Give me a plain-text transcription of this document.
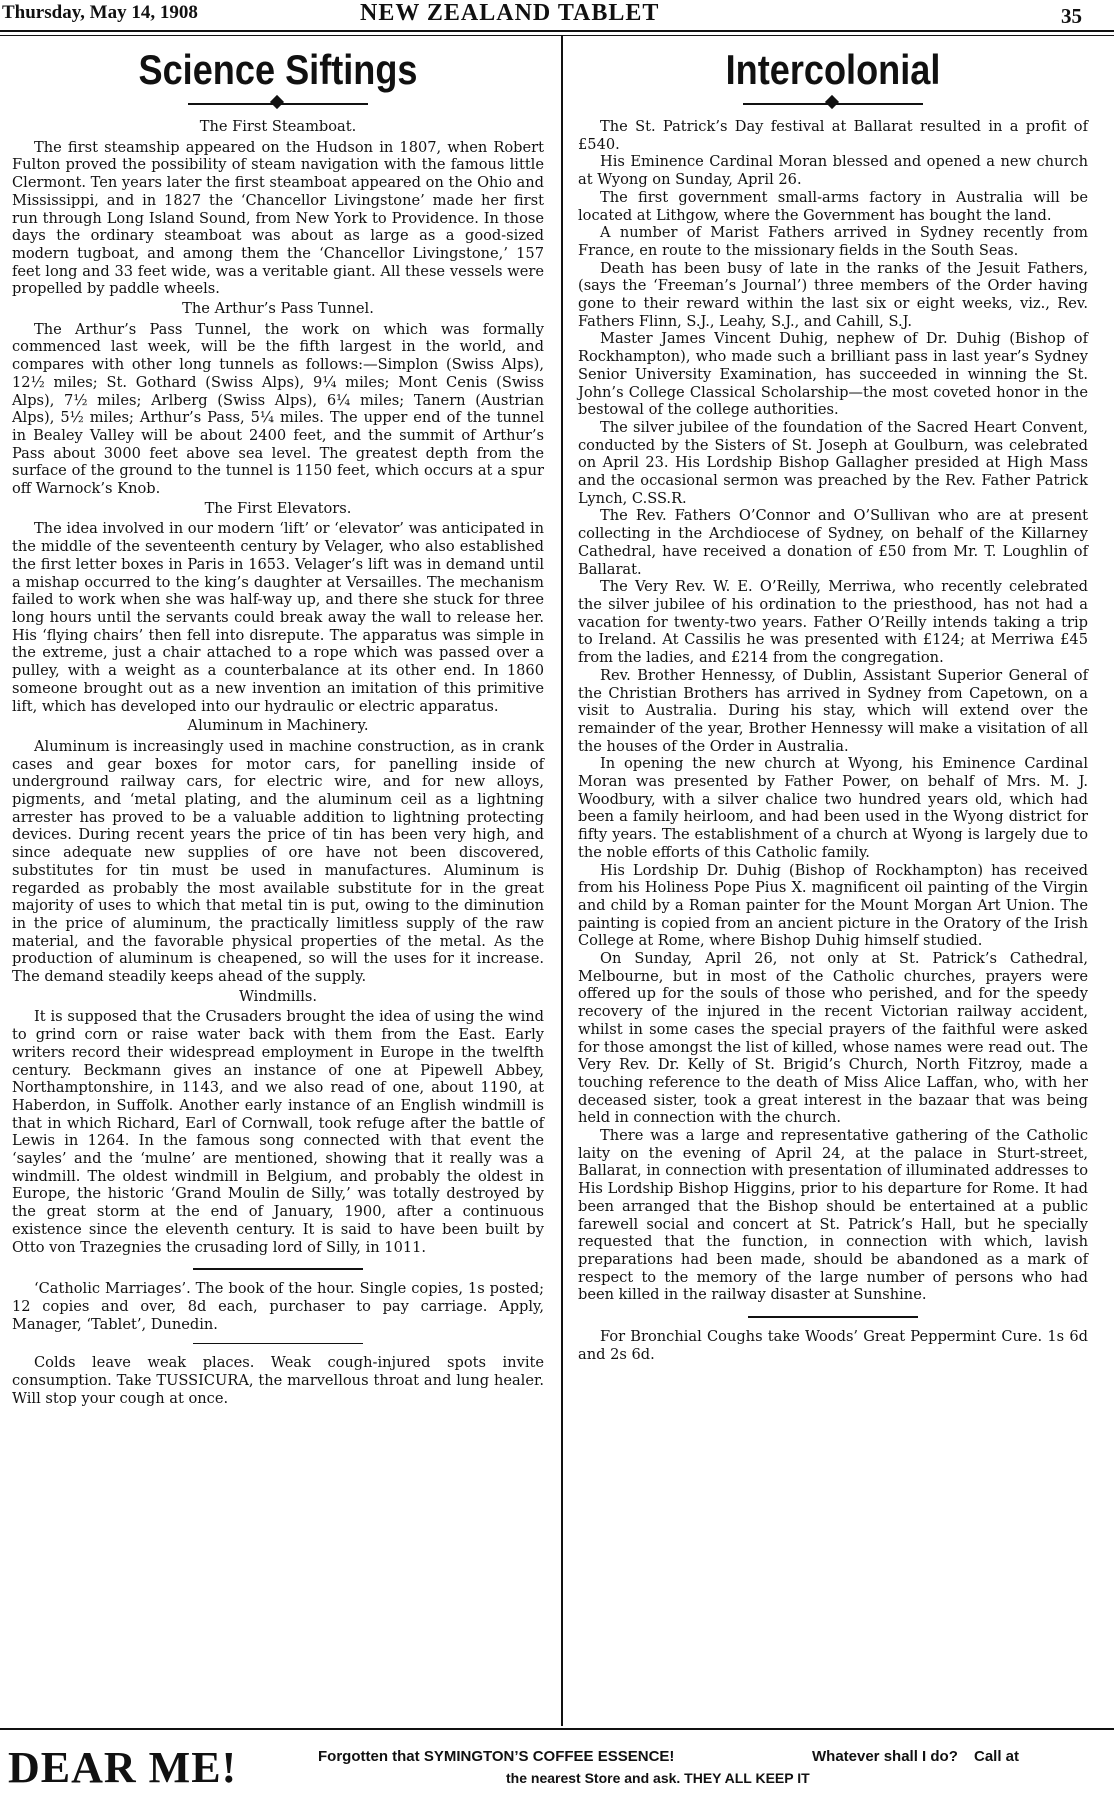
Thursday, May 14, 1908	NEW ZEALAND TABLET	35
Science Siftings
The First Steamboat.

The first steamship appeared on the Hudson in 1807, when Robert Fulton proved the possibility of steam navigation with the famous little Clermont. Ten years later the first steamboat appeared on the Ohio and Mississippi, and in 1827 the ‘Chancellor Livingstone’ made her first run through Long Island Sound, from New York to Providence. In those days the ordinary steamboat was about as large as a good-sized modern tugboat, and among them the ‘Chancellor Livingstone,’ 157 feet long and 33 feet wide, was a veritable giant. All these vessels were propelled by paddle wheels.

The Arthur’s Pass Tunnel.

The Arthur’s Pass Tunnel, the work on which was formally commenced last week, will be the fifth largest in the world, and compares with other long tunnels as follows:—Simplon (Swiss Alps), 12½ miles; St. Gothard (Swiss Alps), 9¼ miles; Mont Cenis (Swiss Alps), 7½ miles; Arlberg (Swiss Alps), 6¼ miles; Tanern (Austrian Alps), 5½ miles; Arthur’s Pass, 5¼ miles. The upper end of the tunnel in Bealey Valley will be about 2400 feet, and the summit of Arthur’s Pass about 3000 feet above sea level. The greatest depth from the surface of the ground to the tunnel is 1150 feet, which occurs at a spur off Warnock’s Knob.

The First Elevators.

The idea involved in our modern ‘lift’ or ‘elevator’ was anticipated in the middle of the seventeenth century by Velager, who also established the first letter boxes in Paris in 1653. Velager’s lift was in demand until a mishap occurred to the king’s daughter at Versailles. The mechanism failed to work when she was half-way up, and there she stuck for three long hours until the servants could break away the wall to release her. His ‘flying chairs’ then fell into disrepute. The apparatus was simple in the extreme, just a chair attached to a rope which was passed over a pulley, with a weight as a counterbalance at its other end. In 1860 someone brought out as a new invention an imitation of this primitive lift, which has developed into our hydraulic or electric apparatus.

Aluminum in Machinery.

Aluminum is increasingly used in machine construction, as in crank cases and gear boxes for motor cars, for panelling inside of underground railway cars, for electric wire, and for new alloys, pigments, and ‘metal plating, and the aluminum ceil as a lightning arrester has proved to be a valuable addition to lightning protecting devices. During recent years the price of tin has been very high, and since adequate new supplies of ore have not been discovered, substitutes for tin must be used in manufactures. Aluminum is regarded as probably the most available substitute for in the great majority of uses to which that metal tin is put, owing to the diminution in the price of aluminum, the practically limitless supply of the raw material, and the favorable physical properties of the metal. As the production of aluminum is cheapened, so will the uses for it increase. The demand steadily keeps ahead of the supply.

Windmills.

It is supposed that the Crusaders brought the idea of using the wind to grind corn or raise water back with them from the East. Early writers record their widespread employment in Europe in the twelfth century. Beckmann gives an instance of one at Pipewell Abbey, Northamptonshire, in 1143, and we also read of one, about 1190, at Haberdon, in Suffolk. Another early instance of an English windmill is that in which Richard, Earl of Cornwall, took refuge after the battle of Lewis in 1264. In the famous song connected with that event the ‘sayles’ and the ‘mulne’ are mentioned, showing that it really was a windmill. The oldest windmill in Belgium, and probably the oldest in Europe, the historic ‘Grand Moulin de Silly,’ was totally destroyed by the great storm at the end of January, 1900, after a continuous existence since the eleventh century. It is said to have been built by Otto von Trazegnies the crusading lord of Silly, in 1011.

‘Catholic Marriages’. The book of the hour. Single copies, 1s posted; 12 copies and over, 8d each, purchaser to pay carriage. Apply, Manager, ‘Tablet’, Dunedin.

Colds leave weak places. Weak cough-injured spots invite consumption. Take TUSSICURA, the marvellous throat and lung healer. Will stop your cough at once.

Intercolonial

The St. Patrick’s Day festival at Ballarat resulted in a profit of £540.

His Eminence Cardinal Moran blessed and opened a new church at Wyong on Sunday, April 26.

The first government small-arms factory in Australia will be located at Lithgow, where the Government has bought the land.

A number of Marist Fathers arrived in Sydney recently from France, en route to the missionary fields in the South Seas.

Death has been busy of late in the ranks of the Jesuit Fathers, (says the ‘Freeman’s Journal’) three members of the Order having gone to their reward within the last six or eight weeks, viz., Rev. Fathers Flinn, S.J., Leahy, S.J., and Cahill, S.J.

Master James Vincent Duhig, nephew of Dr. Duhig (Bishop of Rockhampton), who made such a brilliant pass in last year’s Sydney Senior University Examination, has succeeded in winning the St. John’s College Classical Scholarship—the most coveted honor in the bestowal of the college authorities.

The silver jubilee of the foundation of the Sacred Heart Convent, conducted by the Sisters of St. Joseph at Goulburn, was celebrated on April 23. His Lordship Bishop Gallagher presided at High Mass and the occasional sermon was preached by the Rev. Father Patrick Lynch, C.SS.R.

The Rev. Fathers O’Connor and O’Sullivan who are at present collecting in the Archdiocese of Sydney, on behalf of the Killarney Cathedral, have received a donation of £50 from Mr. T. Loughlin of Ballarat.

The Very Rev. W. E. O’Reilly, Merriwa, who recently celebrated the silver jubilee of his ordination to the priesthood, has not had a vacation for twenty-two years. Father O’Reilly intends taking a trip to Ireland. At Cassilis he was presented with £124; at Merriwa £45 from the ladies, and £214 from the congregation.

Rev. Brother Hennessy, of Dublin, Assistant Superior General of the Christian Brothers has arrived in Sydney from Capetown, on a visit to Australia. During his stay, which will extend over the remainder of the year, Brother Hennessy will make a visitation of all the houses of the Order in Australia.

In opening the new church at Wyong, his Eminence Cardinal Moran was presented by Father Power, on behalf of Mrs. M. J. Woodbury, with a silver chalice two hundred years old, which had been a family heirloom, and had been used in the Wyong district for fifty years. The establishment of a church at Wyong is largely due to the noble efforts of this Catholic family.

His Lordship Dr. Duhig (Bishop of Rockhampton) has received from his Holiness Pope Pius X. magnificent oil painting of the Virgin and child by a Roman painter for the Mount Morgan Art Union. The painting is copied from an ancient picture in the Oratory of the Irish College at Rome, where Bishop Duhig himself studied.

On Sunday, April 26, not only at St. Patrick’s Cathedral, Melbourne, but in most of the Catholic churches, prayers were offered up for the souls of those who perished, and for the speedy recovery of the injured in the recent Victorian railway accident, whilst in some cases the special prayers of the faithful were asked for those amongst the list of killed, whose names were read out. The Very Rev. Dr. Kelly of St. Brigid’s Church, North Fitzroy, made a touching reference to the death of Miss Alice Laffan, who, with her deceased sister, took a great interest in the bazaar that was being held in connection with the church.

There was a large and representative gathering of the Catholic laity on the evening of April 24, at the palace in Sturt-street, Ballarat, in connection with presentation of illuminated addresses to His Lordship Bishop Higgins, prior to his departure for Rome. It had been arranged that the Bishop should be entertained at a public farewell social and concert at St. Patrick’s Hall, but he specially requested that the function, in connection with which, lavish preparations had been made, should be abandoned as a mark of respect to the memory of the large number of persons who had been killed in the railway disaster at Sunshine.

For Bronchial Coughs take Woods’ Great Peppermint Cure. 1s 6d and 2s 6d.

DEAR ME!	Forgotten that SYMINGTON’S COFFEE ESSENCE!	Whatever shall I do? Call at
the nearest Store and ask. THEY ALL KEEP IT
